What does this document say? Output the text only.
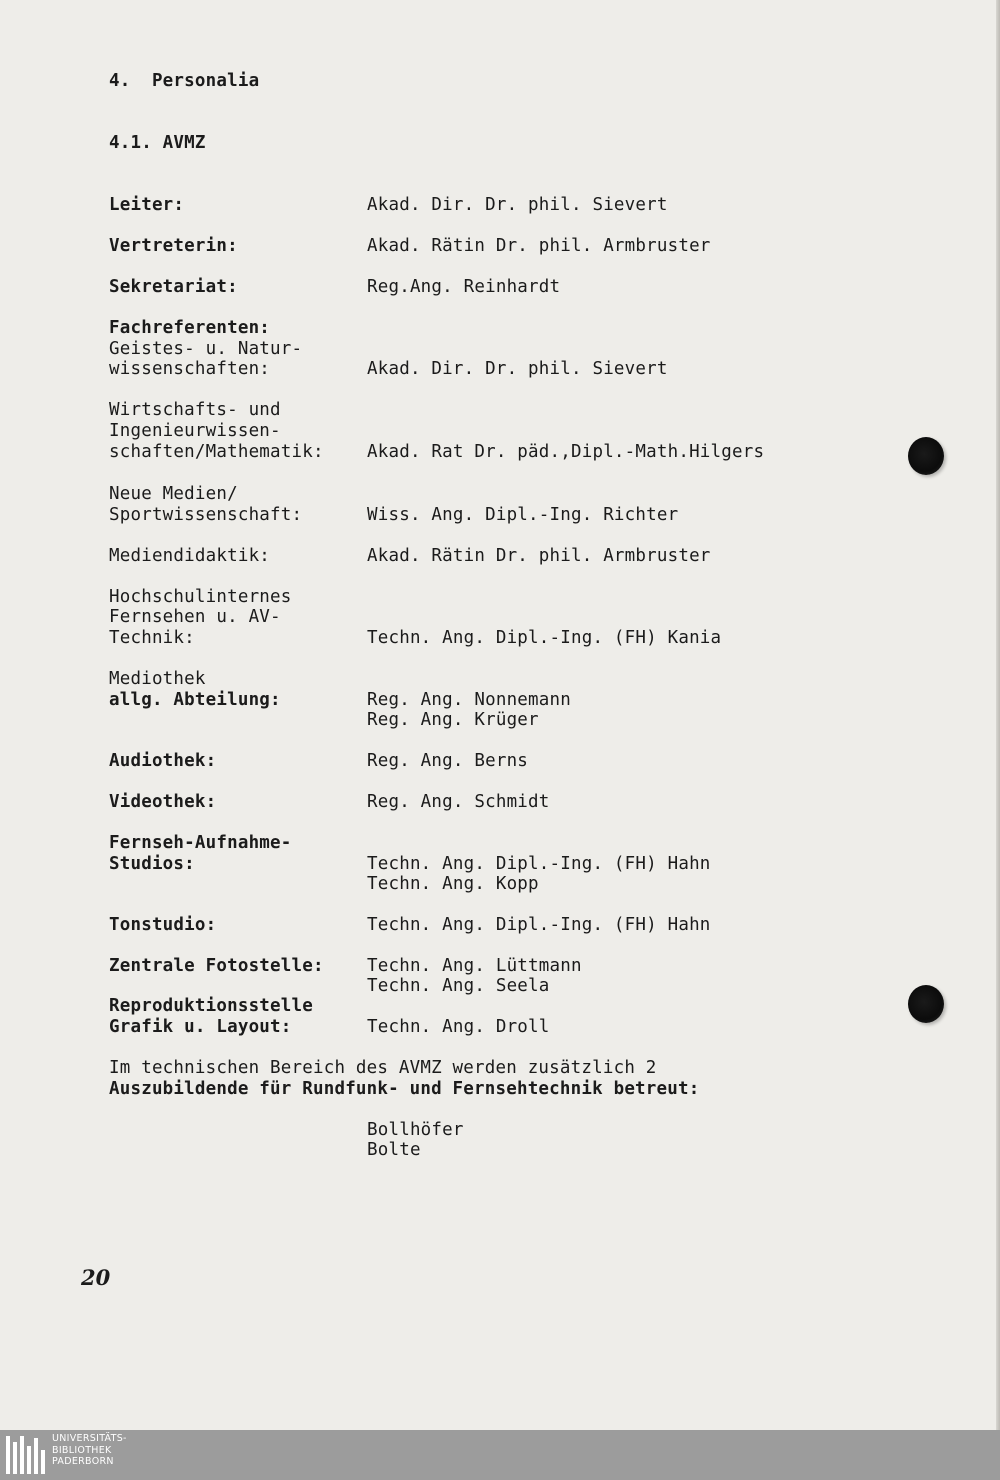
4.  Personalia
4.1. AVMZ
Leiter:	Akad. Dir. Dr. phil. Sievert
Vertreterin:	Akad. Rätin Dr. phil. Armbruster
Sekretariat:	Reg.Ang. Reinhardt
Fachreferenten:
Geistes- u. Natur-
wissenschaften:	Akad. Dir. Dr. phil. Sievert
Wirtschafts- und
Ingenieurwissen-
schaften/Mathematik: Akad. Rat Dr. päd.,Dipl.-Math.Hilgers
Neue Medien/
Sportwissenschaft:	Wiss. Ang. Dipl.-Ing. Richter
Mediendidaktik:	Akad. Rätin Dr. phil. Armbruster
Hochschulinternes
Fernsehen u. AV-
Technik:	Techn. Ang. Dipl.-Ing. (FH) Kania
Mediothek
allg. Abteilung:	Reg. Ang. Nonnemann
Reg. Ang. Krüger
Audiothek:	Reg. Ang. Berns
Videothek:	Reg. Ang. Schmidt
Fernseh-Aufnahme-
Studios:	Techn. Ang. Dipl.-Ing. (FH) Hahn
Techn. Ang. Kopp
Tonstudio:	Techn. Ang. Dipl.-Ing. (FH) Hahn
Zentrale Fotostelle: Techn. Ang. Lüttmann
Techn. Ang. Seela
Reproduktionsstelle
Grafik u. Layout:	Techn. Ang. Droll
Im technischen Bereich des AVMZ werden zusätzlich 2
Auszubildende für Rundfunk- und Fernsehtechnik betreut:
Bollhöfer
Bolte
20
UNIVERSITÄTS-
BIBLIOTHEK
PADERBORN
